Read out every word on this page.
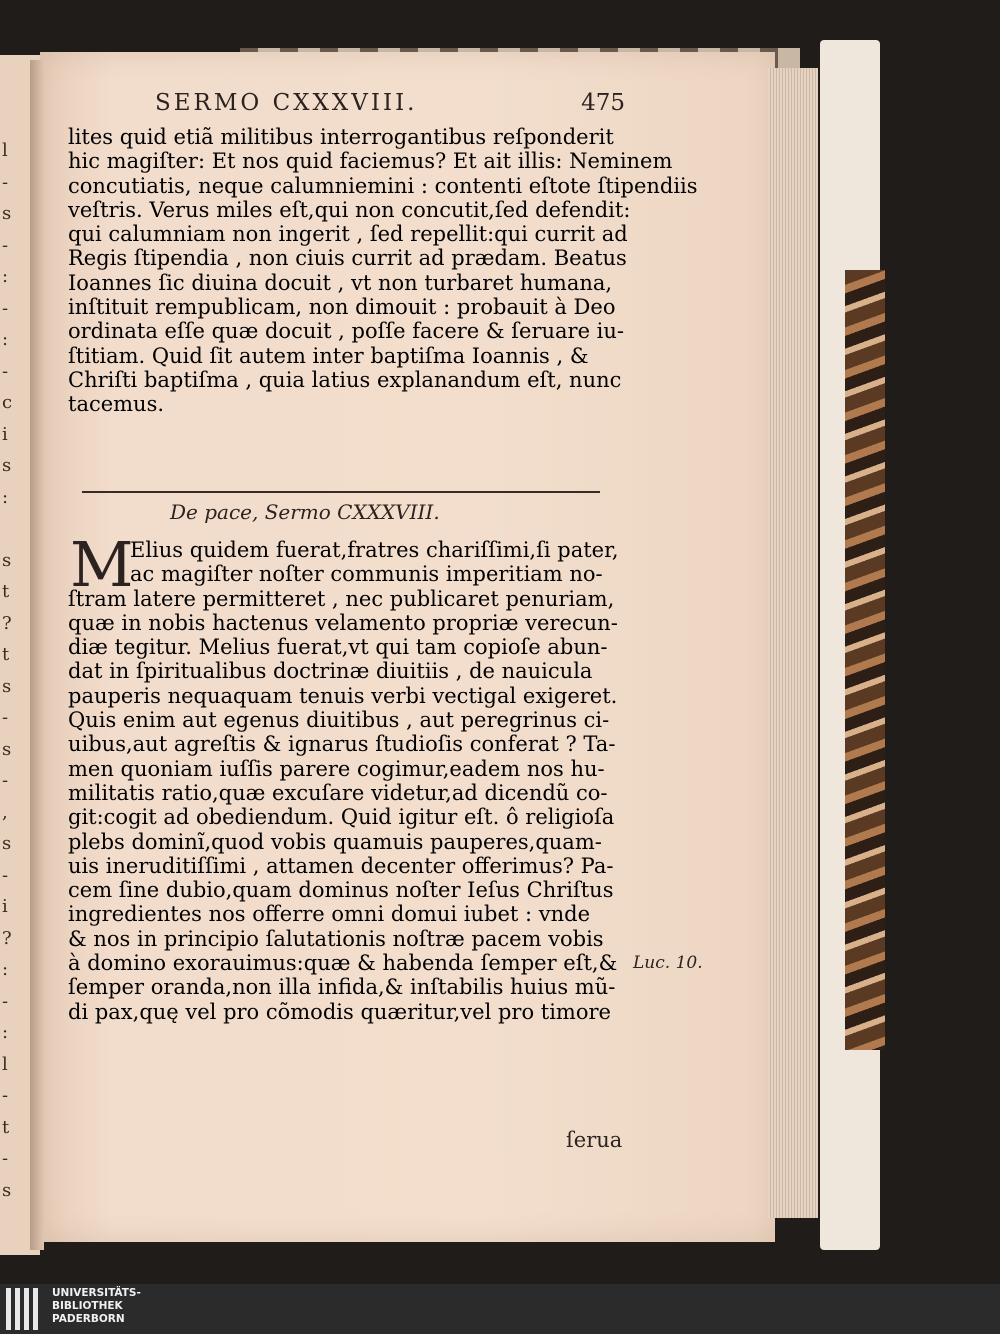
l
-
s
-
:
-
:
-
c
i
s
:

s
t
?
t
s
-
s
-
,
s
-
i
?
:
-
:
l
-
t
-
s
SERMO CXXXVIII.	475
lites quid etiã militibus interrogantibus reſponderit
hic magiſter: Et nos quid faciemus? Et ait illis: Neminem
concutiatis, neque calumniemini : contenti eſtote ſtipendiis
veſtris. Verus miles eſt,qui non concutit,ſed defendit:
qui calumniam non ingerit , ſed repellit:qui currit ad
Regis ſtipendia , non ciuis currit ad prædam. Beatus
Ioannes ſic diuina docuit , vt non turbaret humana,
inſtituit rempublicam, non dimouit : probauit à Deo
ordinata eſſe quæ docuit , poſſe facere & ſeruare iu-
ſtitiam. Quid ſit autem inter baptiſma Ioannis , &
Chriſti baptiſma , quia latius explanandum eſt, nunc
tacemus.
De pace, Sermo CXXXVIII.
M
Elius quidem fuerat,fratres chariſſimi,ſi pater,
ac magiſter noſter communis imperitiam no-
ſtram latere permitteret , nec publicaret penuriam,
quæ in nobis hactenus velamento propriæ verecun-
diæ tegitur. Melius fuerat,vt qui tam copioſe abun-
dat in ſpiritualibus doctrinæ diuitiis , de nauicula
pauperis nequaquam tenuis verbi vectigal exigeret.
Quis enim aut egenus diuitibus , aut peregrinus ci-
uibus,aut agreſtis & ignarus ſtudioſis conferat ? Ta-
men quoniam iuſſis parere cogimur,eadem nos hu-
militatis ratio,quæ excuſare videtur,ad dicendũ co-
git:cogit ad obediendum. Quid igitur eſt. ô religioſa
plebs dominĩ,quod vobis quamuis pauperes,quam-
uis ineruditiſſimi , attamen decenter offerimus? Pa-
cem ſine dubio,quam dominus noſter Ieſus Chriſtus
ingredientes nos offerre omni domui iubet : vnde
& nos in principio ſalutationis noſtræ pacem vobis
à domino exorauimus:quæ & habenda ſemper eſt,&
ſemper oranda,non illa infida,& inſtabilis huius mũ-
di pax,quę vel pro cõmodis quæritur,vel pro timore
ſerua
Luc. 10.
UNIVERSITÄTS-
BIBLIOTHEK
PADERBORN
